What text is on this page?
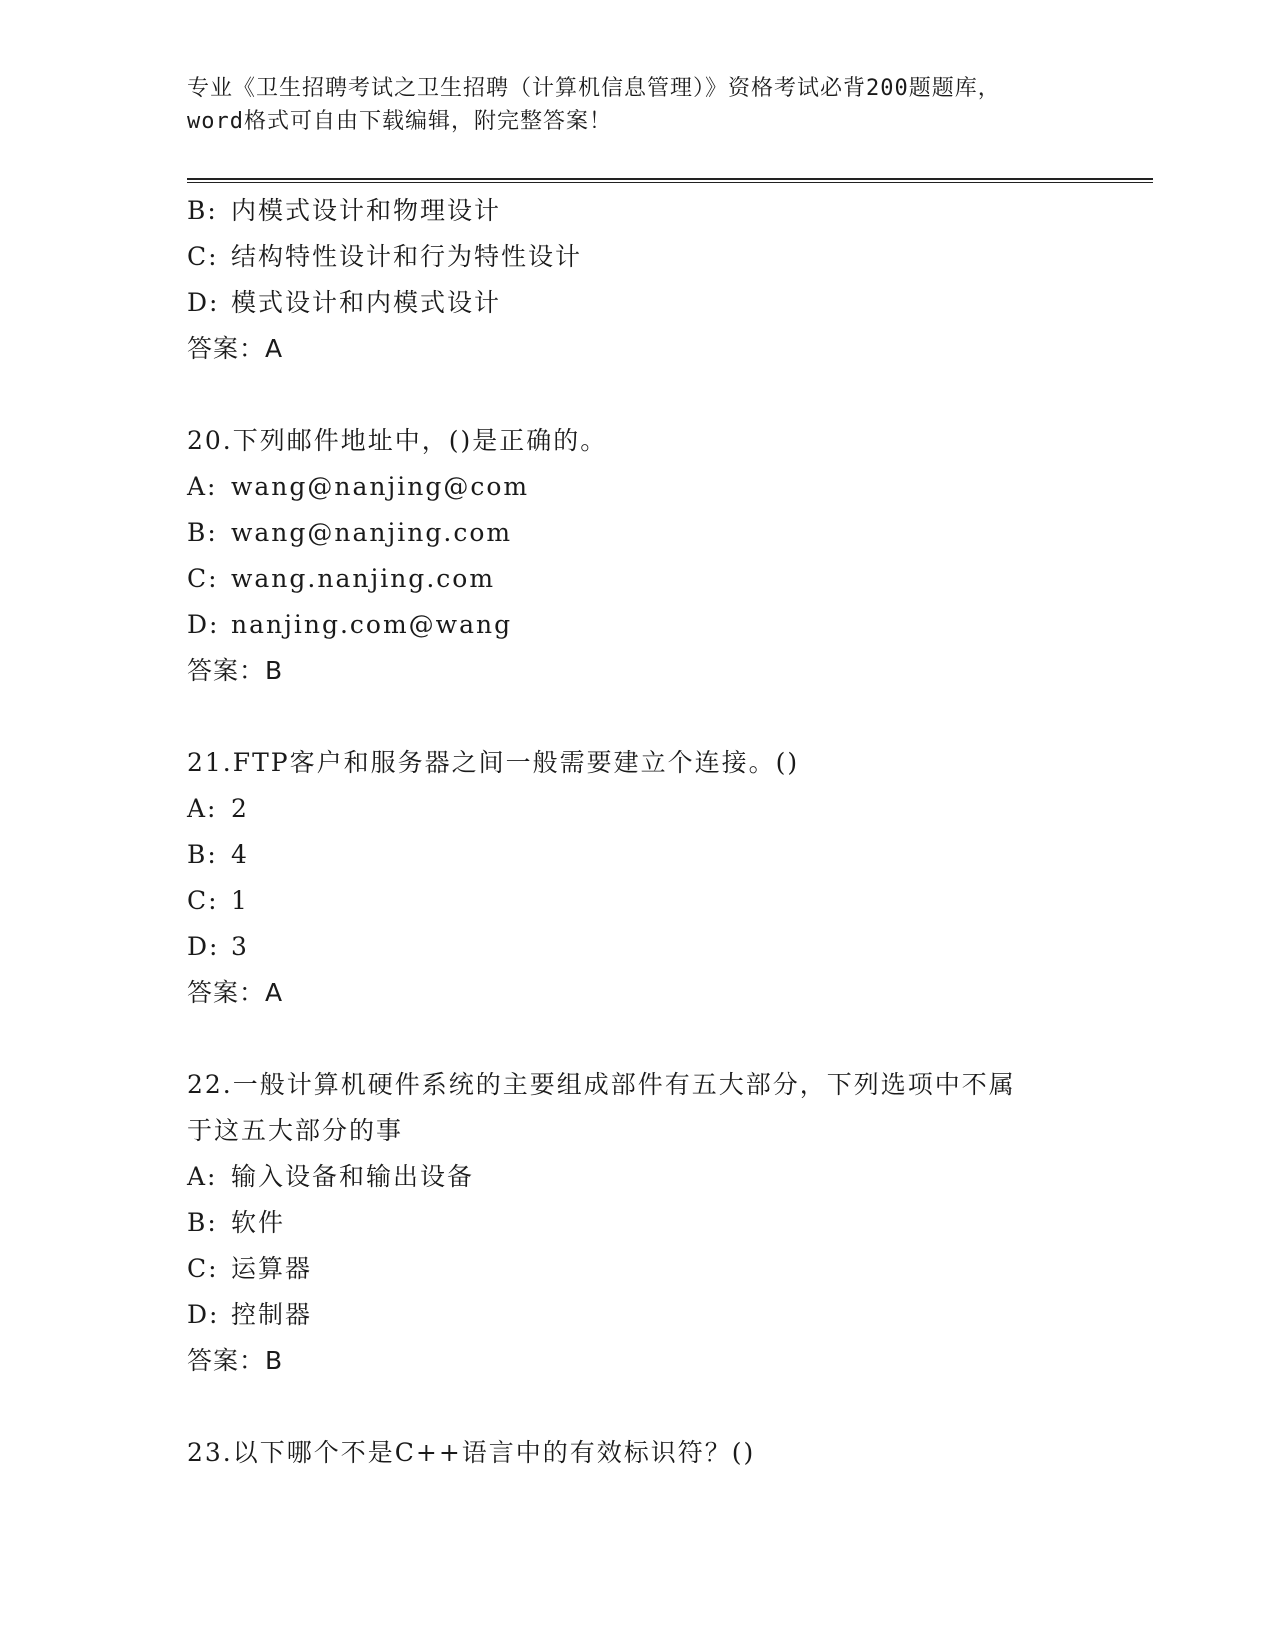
专业《卫生招聘考试之卫生招聘（计算机信息管理）》资格考试必背200题题库，
word格式可自由下载编辑，附完整答案！
B: 内模式设计和物理设计
C: 结构特性设计和行为特性设计
D: 模式设计和内模式设计
答案：A
20.下列邮件地址中，()是正确的。
A: wang@nanjing@com
B: wang@nanjing.com
C: wang.nanjing.com
D: nanjing.com@wang
答案：B
21.FTP客户和服务器之间一般需要建立个连接。()
A: 2
B: 4
C: 1
D: 3
答案：A
22.一般计算机硬件系统的主要组成部件有五大部分，下列选项中不属
于这五大部分的事
A: 输入设备和输出设备
B: 软件
C: 运算器
D: 控制器
答案：B
23.以下哪个不是C++语言中的有效标识符？()
